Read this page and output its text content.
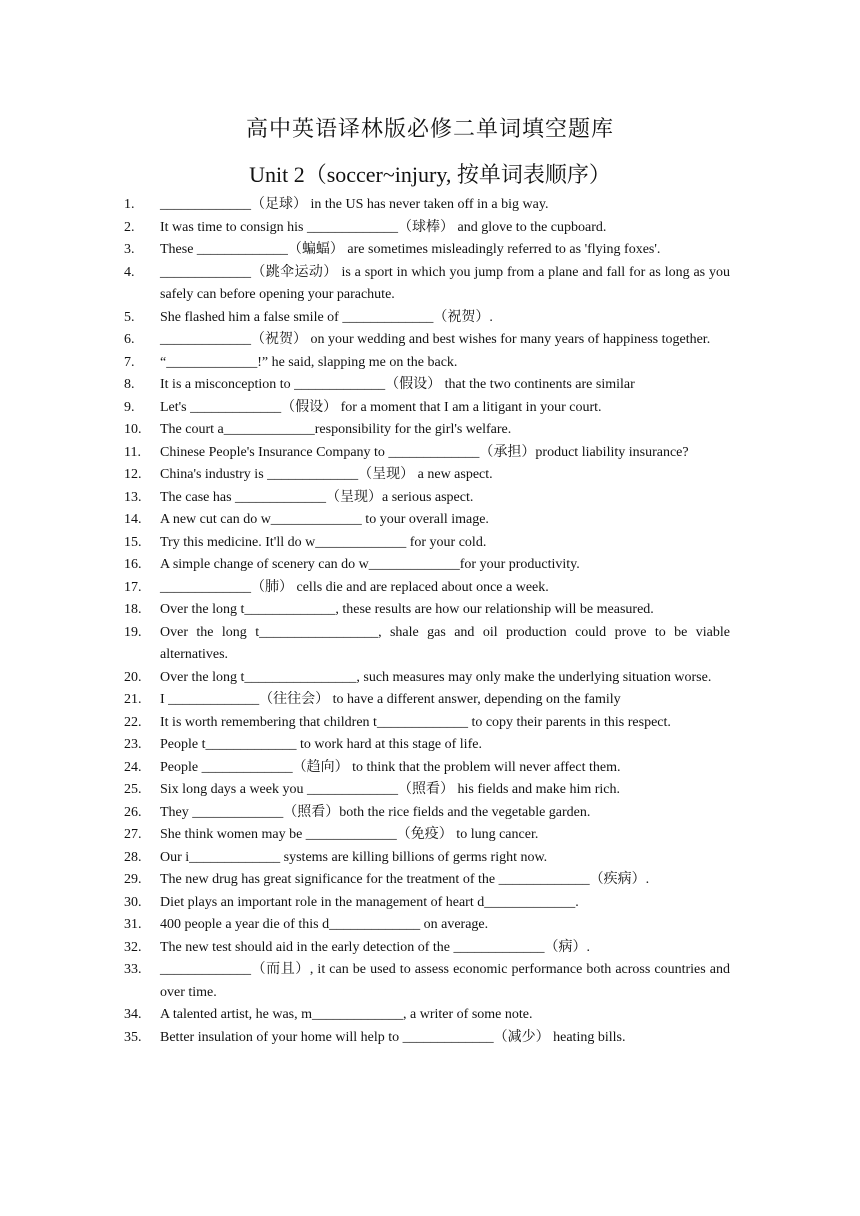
高中英语译林版必修二单词填空题库
Unit 2（soccer~injury, 按单词表顺序）
1.	_____________（足球） in the US has never taken off in a big way.
2.	It was time to consign his _____________（球棒） and glove to the cupboard.
3.	These _____________（蝙蝠） are sometimes misleadingly referred to as 'flying foxes'.
4.	_____________（跳伞运动） is a sport in which you jump from a plane and fall for as long as you safely can before opening your parachute.
5.	She flashed him a false smile of _____________（祝贺）.
6.	_____________（祝贺） on your wedding and best wishes for many years of happiness together.
7.	“_____________!” he said, slapping me on the back.
8.	It is a misconception to _____________（假设） that the two continents are similar
9.	Let's _____________（假设） for a moment that I am a litigant in your court.
10.	The court a_____________responsibility for the girl's welfare.
11.	Chinese People's Insurance Company to _____________（承担）product liability insurance?
12.	China's industry is _____________（呈现） a new aspect.
13.	The case has _____________（呈现）a serious aspect.
14.	A new cut can do w_____________ to your overall image.
15.	Try this medicine. It'll do w_____________ for your cold.
16.	A simple change of scenery can do w_____________for your productivity.
17.	_____________（肺） cells die and are replaced about once a week.
18.	Over the long t_____________, these results are how our relationship will be measured.
19.	Over the long t_________________, shale gas and oil production could prove to be viable alternatives.
20.	Over the long t________________, such measures may only make the underlying situation worse.
21.	I _____________（往往会） to have a different answer, depending on the family
22.	It is worth remembering that children t_____________ to copy their parents in this respect.
23.	People t_____________ to work hard at this stage of life.
24.	People _____________（趋向） to think that the problem will never affect them.
25.	Six long days a week you _____________（照看） his fields and make him rich.
26.	They _____________（照看）both the rice fields and the vegetable garden.
27.	She think women may be _____________（免疫） to lung cancer.
28.	Our i_____________ systems are killing billions of germs right now.
29.	The new drug has great significance for the treatment of the _____________（疾病）.
30.	Diet plays an important role in the management of heart d_____________.
31.	400 people a year die of this d_____________ on average.
32.	The new test should aid in the early detection of the _____________（病）.
33.	_____________（而且）, it can be used to assess economic performance both across countries and over time.
34.	A talented artist, he was, m_____________, a writer of some note.
35.	Better insulation of your home will help to _____________（减少） heating bills.
